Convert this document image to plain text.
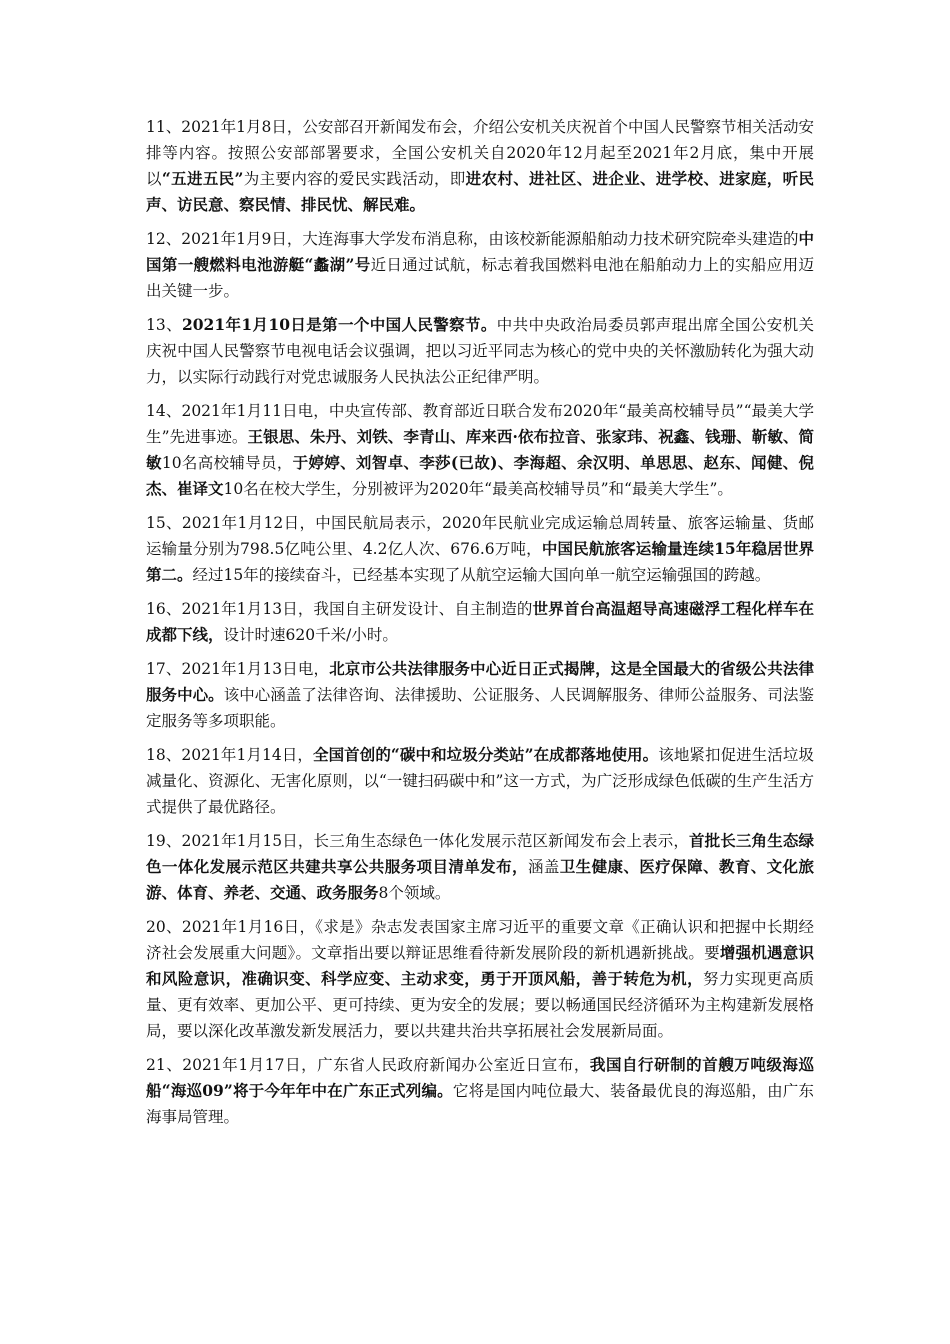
11、2021年1月8日，公安部召开新闻发布会，介绍公安机关庆祝首个中国人民警察节相关活动安排等内容。按照公安部部署要求，全国公安机关自2020年12月起至2021年2月底，集中开展以“五进五民”为主要内容的爱民实践活动，即进农村、进社区、进企业、进学校、进家庭，听民声、访民意、察民情、排民忧、解民难。

12、2021年1月9日，大连海事大学发布消息称，由该校新能源船舶动力技术研究院牵头建造的中国第一艘燃料电池游艇“蠡湖”号近日通过试航，标志着我国燃料电池在船舶动力上的实船应用迈出关键一步。

13、2021年1月10日是第一个中国人民警察节。中共中央政治局委员郭声琨出席全国公安机关庆祝中国人民警察节电视电话会议强调，把以习近平同志为核心的党中央的关怀激励转化为强大动力，以实际行动践行对党忠诚服务人民执法公正纪律严明。

14、2021年1月11日电，中央宣传部、教育部近日联合发布2020年“最美高校辅导员”“最美大学生”先进事迹。王银思、朱丹、刘铁、李青山、库来西·依布拉音、张家玮、祝鑫、钱珊、靳敏、简敏10名高校辅导员，于婷婷、刘智卓、李莎(已故)、李海超、余汉明、单思思、赵东、闻健、倪杰、崔译文10名在校大学生，分别被评为2020年“最美高校辅导员”和“最美大学生”。

15、2021年1月12日，中国民航局表示，2020年民航业完成运输总周转量、旅客运输量、货邮运输量分别为798.5亿吨公里、4.2亿人次、676.6万吨，中国民航旅客运输量连续15年稳居世界第二。经过15年的接续奋斗，已经基本实现了从航空运输大国向单一航空运输强国的跨越。

16、2021年1月13日，我国自主研发设计、自主制造的世界首台高温超导高速磁浮工程化样车在成都下线，设计时速620千米/小时。

17、2021年1月13日电，北京市公共法律服务中心近日正式揭牌，这是全国最大的省级公共法律服务中心。该中心涵盖了法律咨询、法律援助、公证服务、人民调解服务、律师公益服务、司法鉴定服务等多项职能。

18、2021年1月14日，全国首创的“碳中和垃圾分类站”在成都落地使用。该地紧扣促进生活垃圾减量化、资源化、无害化原则，以“一键扫码碳中和”这一方式，为广泛形成绿色低碳的生产生活方式提供了最优路径。

19、2021年1月15日，长三角生态绿色一体化发展示范区新闻发布会上表示，首批长三角生态绿色一体化发展示范区共建共享公共服务项目清单发布，涵盖卫生健康、医疗保障、教育、文化旅游、体育、养老、交通、政务服务8个领域。

20、2021年1月16日，《求是》杂志发表国家主席习近平的重要文章《正确认识和把握中长期经济社会发展重大问题》。文章指出要以辩证思维看待新发展阶段的新机遇新挑战。要增强机遇意识和风险意识，准确识变、科学应变、主动求变，勇于开顶风船，善于转危为机，努力实现更高质量、更有效率、更加公平、更可持续、更为安全的发展；要以畅通国民经济循环为主构建新发展格局，要以深化改革激发新发展活力，要以共建共治共享拓展社会发展新局面。

21、2021年1月17日，广东省人民政府新闻办公室近日宣布，我国自行研制的首艘万吨级海巡船“海巡09”将于今年年中在广东正式列编。它将是国内吨位最大、装备最优良的海巡船，由广东海事局管理。
